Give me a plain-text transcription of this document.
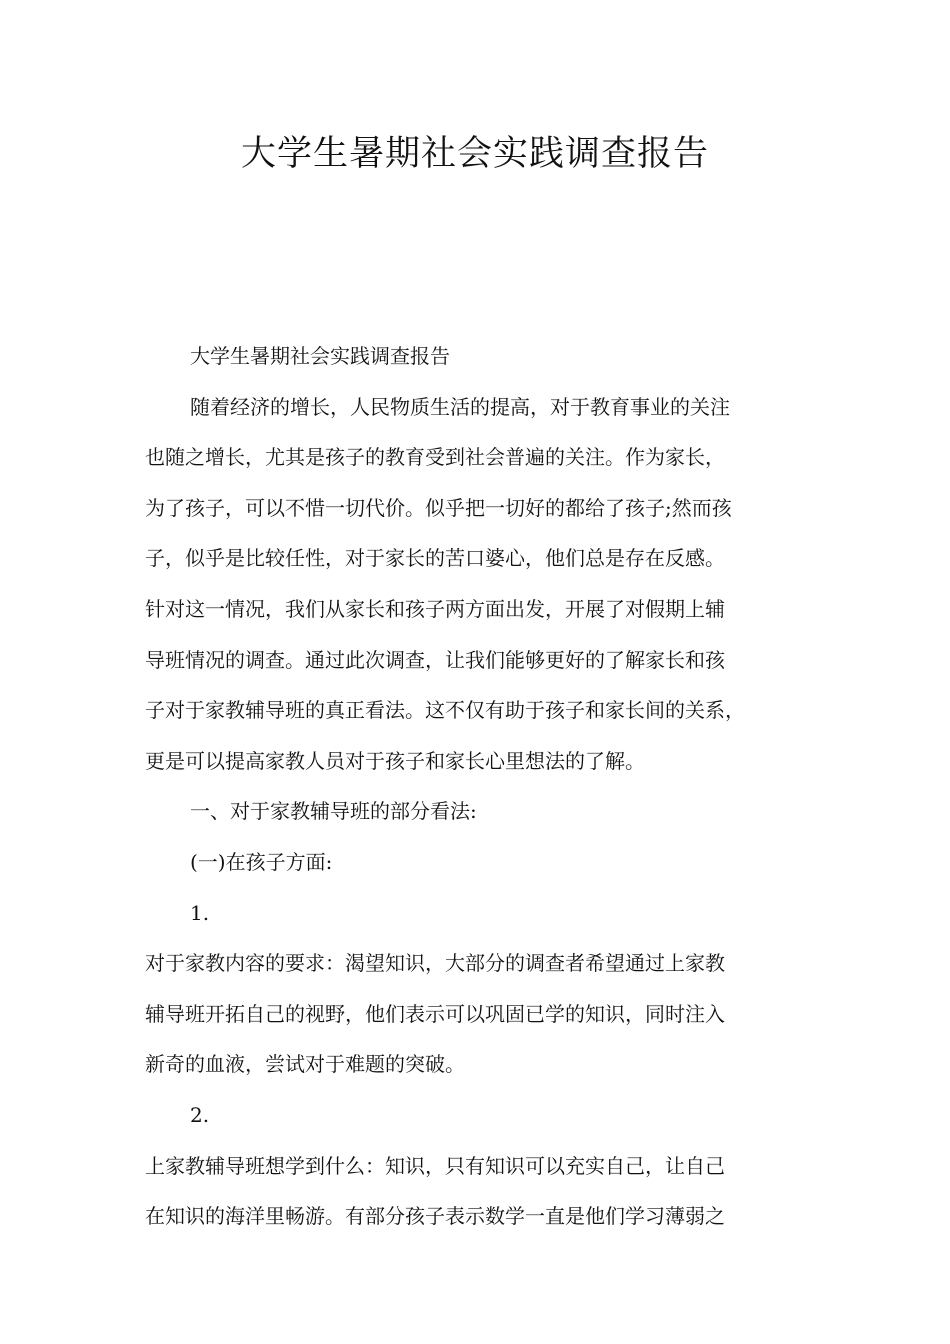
大学生暑期社会实践调查报告

大学生暑期社会实践调查报告

随着经济的增长，人民物质生活的提高，对于教育事业的关注
也随之增长，尤其是孩子的教育受到社会普遍的关注。作为家长，
为了孩子，可以不惜一切代价。似乎把一切好的都给了孩子;然而孩
子，似乎是比较任性，对于家长的苦口婆心，他们总是存在反感。
针对这一情况，我们从家长和孩子两方面出发，开展了对假期上辅
导班情况的调查。通过此次调查，让我们能够更好的了解家长和孩
子对于家教辅导班的真正看法。这不仅有助于孩子和家长间的关系，
更是可以提高家教人员对于孩子和家长心里想法的了解。

一、对于家教辅导班的部分看法:

(一)在孩子方面:

1.

对于家教内容的要求：渴望知识，大部分的调查者希望通过上家教
辅导班开拓自己的视野，他们表示可以巩固已学的知识，同时注入
新奇的血液，尝试对于难题的突破。

2.

上家教辅导班想学到什么：知识，只有知识可以充实自己，让自己
在知识的海洋里畅游。有部分孩子表示数学一直是他们学习薄弱之
